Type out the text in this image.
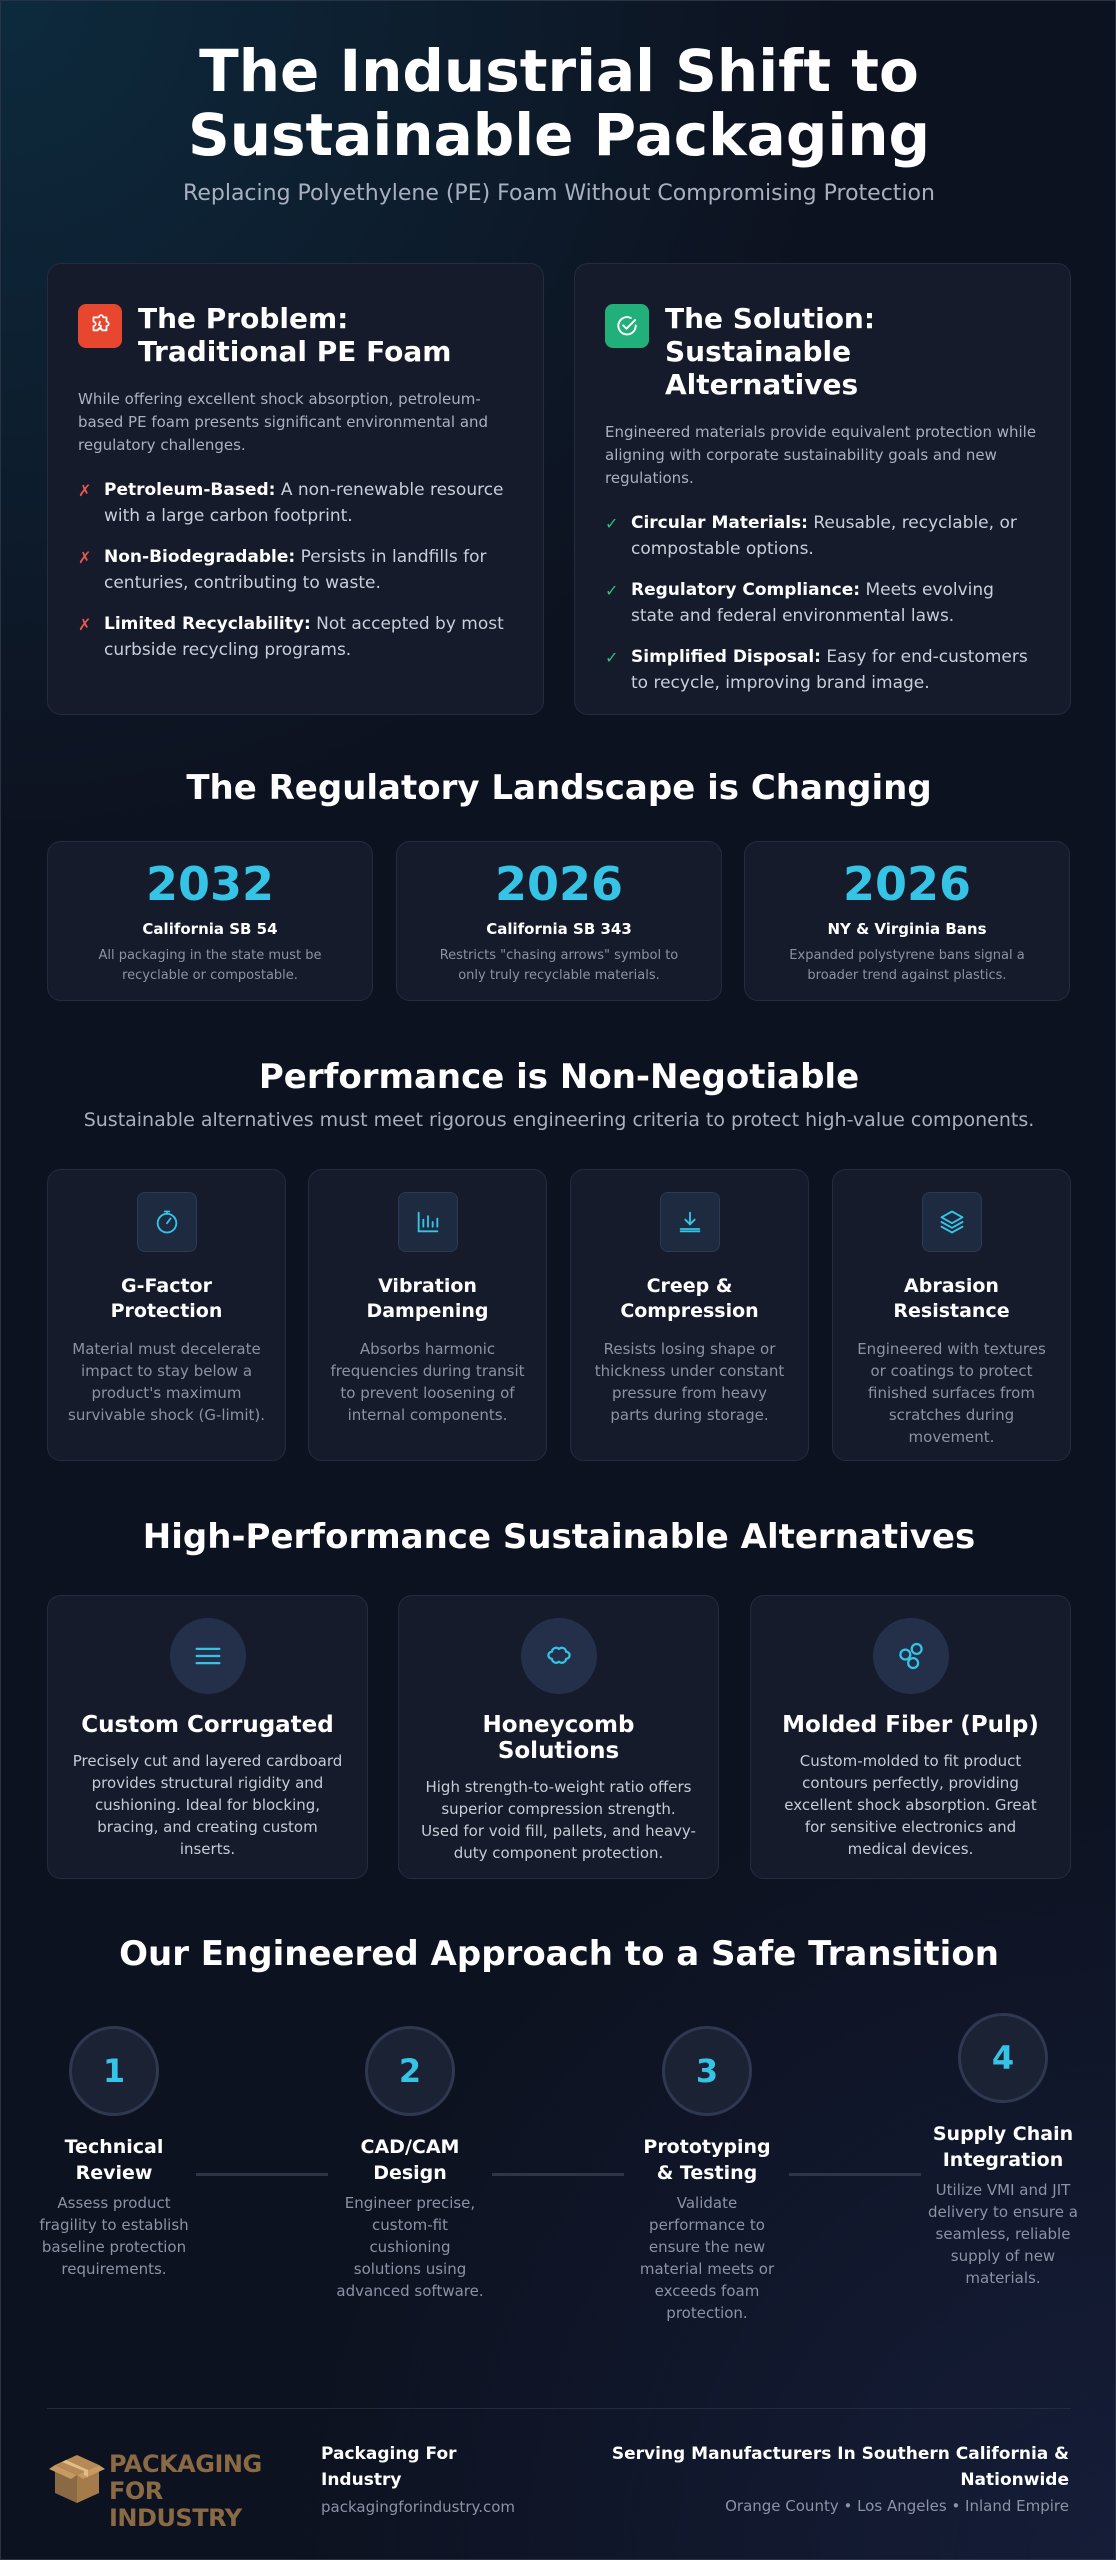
The Industrial Shift to
Sustainable Packaging
Replacing Polyethylene (PE) Foam Without Compromising Protection
The Problem:
Traditional PE Foam
While offering excellent shock absorption, petroleum-based PE foam presents significant environmental and regulatory challenges.
✗ Petroleum-Based: A non-renewable resource with a large carbon footprint.
✗ Non-Biodegradable: Persists in landfills for centuries, contributing to waste.
✗ Limited Recyclability: Not accepted by most curbside recycling programs.
The Solution:
Sustainable
Alternatives
Engineered materials provide equivalent protection while aligning with corporate sustainability goals and new regulations.
✓ Circular Materials: Reusable, recyclable, or compostable options.
✓ Regulatory Compliance: Meets evolving state and federal environmental laws.
✓ Simplified Disposal: Easy for end-customers to recycle, improving brand image.
The Regulatory Landscape is Changing
2032
California SB 54
All packaging in the state must be recyclable or compostable.
2026
California SB 343
Restricts "chasing arrows" symbol to only truly recyclable materials.
2026
NY & Virginia Bans
Expanded polystyrene bans signal a broader trend against plastics.
Performance is Non-Negotiable
Sustainable alternatives must meet rigorous engineering criteria to protect high-value components.
G-Factor
Protection

Material must decelerate impact to stay below a product's maximum survivable shock (G-limit).

Vibration
Dampening

Absorbs harmonic frequencies during transit to prevent loosening of internal components.

Creep &
Compression

Resists losing shape or thickness under constant pressure from heavy parts during storage.

Abrasion
Resistance

Engineered with textures or coatings to protect finished surfaces from scratches during movement.

High-Performance Sustainable Alternatives
Custom Corrugated

Precisely cut and layered cardboard provides structural rigidity and cushioning. Ideal for blocking, bracing, and creating custom inserts.

Honeycomb Solutions

High strength-to-weight ratio offers superior compression strength. Used for void fill, pallets, and heavy-duty component protection.

Molded Fiber (Pulp)

Custom-molded to fit product contours perfectly, providing excellent shock absorption. Great for sensitive electronics and medical devices.

Our Engineered Approach to a Safe Transition
1
Technical Review

Assess product fragility to establish baseline protection requirements.

2
CAD/CAM Design

Engineer precise, custom-fit cushioning solutions using advanced software.

3
Prototyping & Testing

Validate performance to ensure the new material meets or exceeds foam protection.

4
Supply Chain Integration

Utilize VMI and JIT delivery to ensure a seamless, reliable supply of new materials.

PACKAGING
FOR INDUSTRY
Packaging For Industry
packagingforindustry.com
Serving Manufacturers In Southern California & Nationwide
Orange County • Los Angeles • Inland Empire
